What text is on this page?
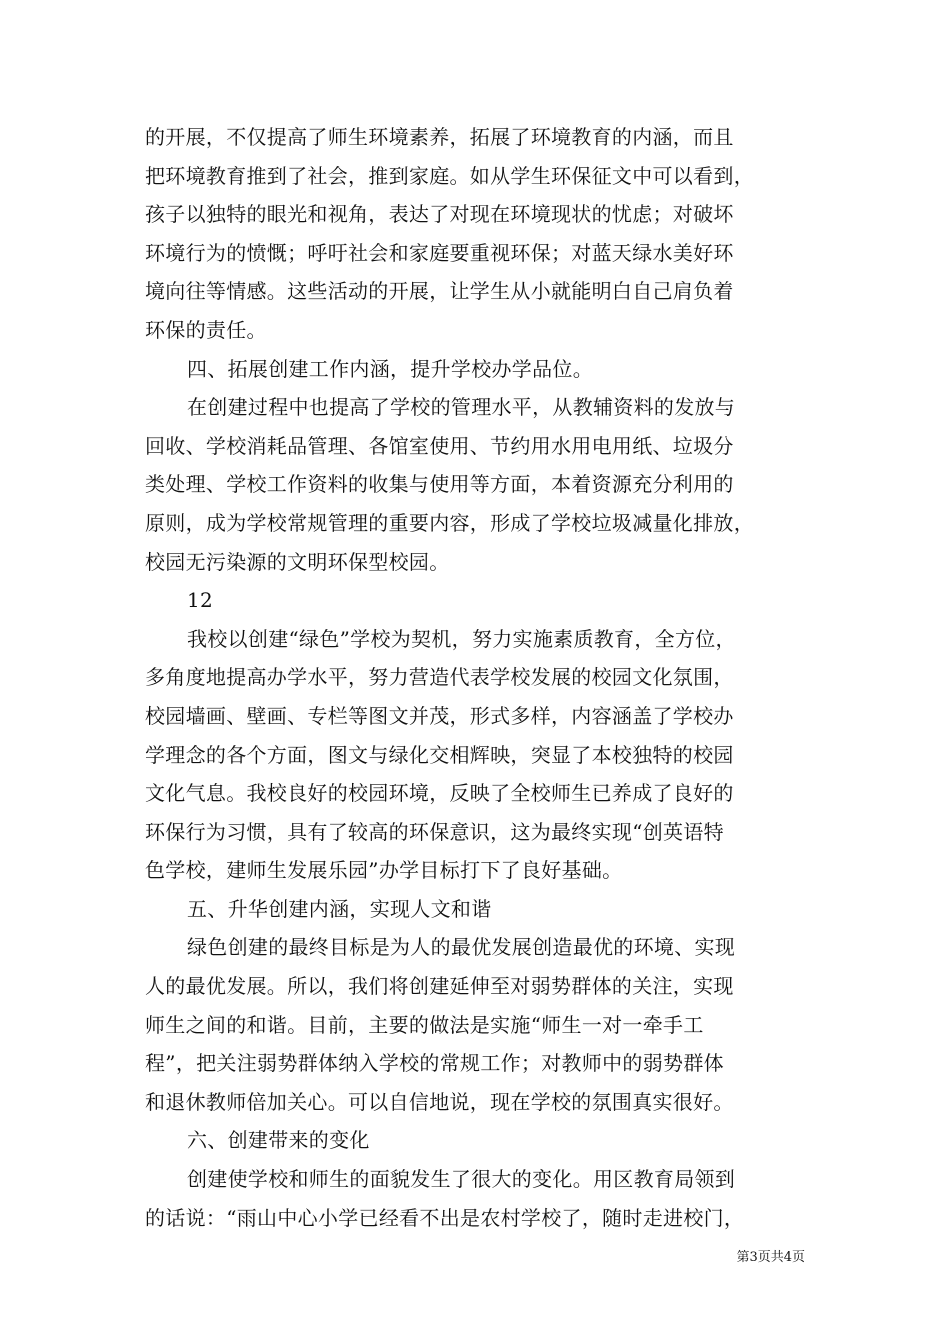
的开展，不仅提高了师生环境素养，拓展了环境教育的内涵，而且
把环境教育推到了社会，推到家庭。如从学生环保征文中可以看到，
孩子以独特的眼光和视角，表达了对现在环境现状的忧虑；对破坏
环境行为的愤慨；呼吁社会和家庭要重视环保；对蓝天绿水美好环
境向往等情感。这些活动的开展，让学生从小就能明白自己肩负着
环保的责任。
四、拓展创建工作内涵，提升学校办学品位。
在创建过程中也提高了学校的管理水平，从教辅资料的发放与
回收、学校消耗品管理、各馆室使用、节约用水用电用纸、垃圾分
类处理、学校工作资料的收集与使用等方面，本着资源充分利用的
原则，成为学校常规管理的重要内容，形成了学校垃圾减量化排放，
校园无污染源的文明环保型校园。
12
我校以创建“绿色”学校为契机，努力实施素质教育，全方位，
多角度地提高办学水平，努力营造代表学校发展的校园文化氛围，
校园墙画、壁画、专栏等图文并茂，形式多样，内容涵盖了学校办
学理念的各个方面，图文与绿化交相辉映，突显了本校独特的校园
文化气息。我校良好的校园环境，反映了全校师生已养成了良好的
环保行为习惯，具有了较高的环保意识，这为最终实现“创英语特
色学校，建师生发展乐园”办学目标打下了良好基础。
五、升华创建内涵，实现人文和谐
绿色创建的最终目标是为人的最优发展创造最优的环境、实现
人的最优发展。所以，我们将创建延伸至对弱势群体的关注，实现
师生之间的和谐。目前，主要的做法是实施“师生一对一牵手工
程”，把关注弱势群体纳入学校的常规工作；对教师中的弱势群体
和退休教师倍加关心。可以自信地说，现在学校的氛围真实很好。
六、创建带来的变化
创建使学校和师生的面貌发生了很大的变化。用区教育局领到
的话说：“雨山中心小学已经看不出是农村学校了，随时走进校门，
第3页共4页
